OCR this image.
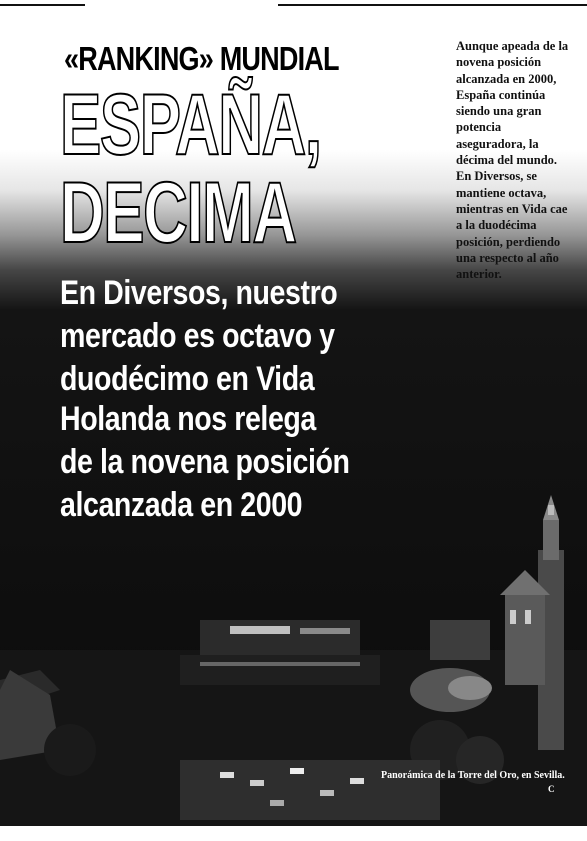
«RANKING» MUNDIAL
ESPAÑA,
DECIMA
En Diversos, nuestro
mercado es octavo y
duodécimo en Vida
Holanda nos relega
de la novena posición
alcanzada en 2000
Aunque apeada de la
novena posición
alcanzada en 2000,
España continúa
siendo una gran
potencia
aseguradora, la
décima del mundo.
En Diversos, se
mantiene octava,
mientras en Vida cae
a la duodécima
posición, perdiendo
una respecto al año
anterior.
Panorámica de la Torre del Oro, en Sevilla.
C
